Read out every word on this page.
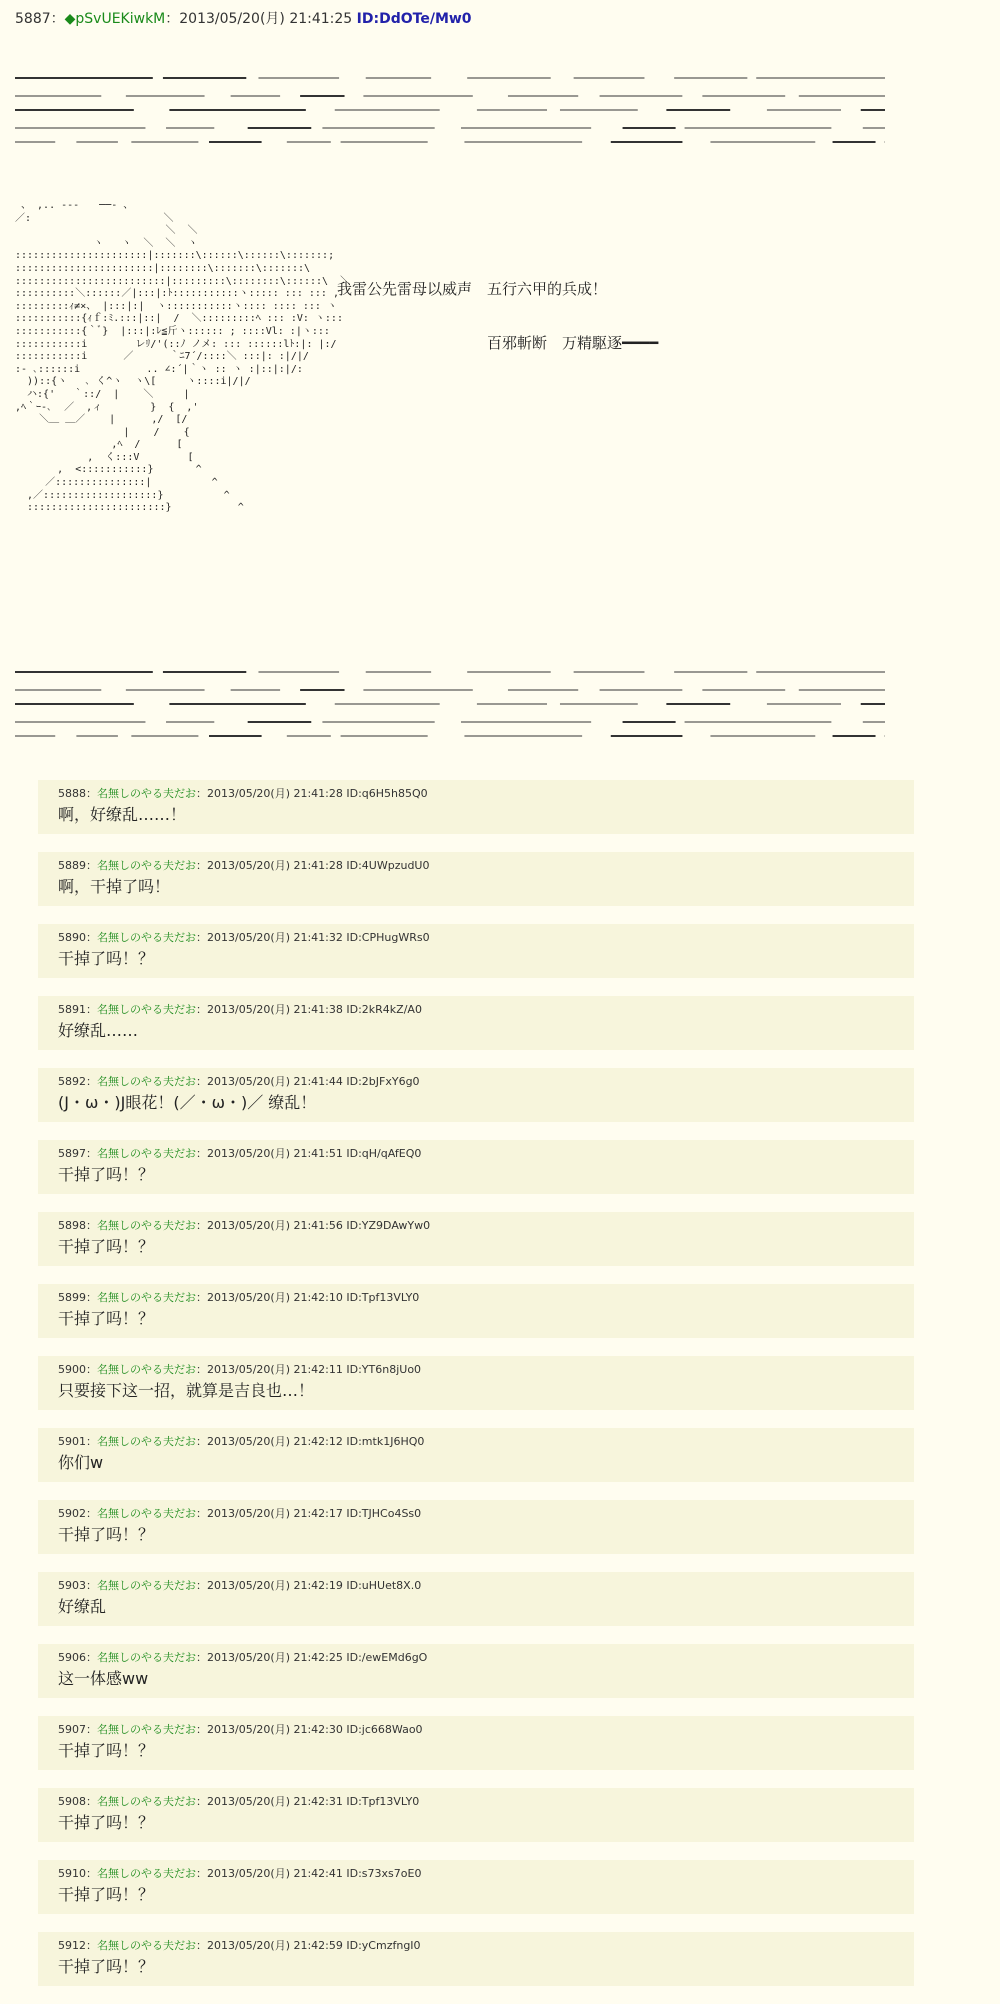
5887：◆pSvUEKiwkM：2013/05/20(月) 21:41:25 ID:DdOTe/Mw0
、 ,.. ‐--　　──- 、
／:                      ＼
＼  ＼
ヽ   ヽ  ＼  ＼  ヽ
::::::::::::::::::::::|:::::::\::::::\::::::\:::::::;
:::::::::::::::::::::::|::::::::\:::::::\:::::::\
:::::::::::::::::::::::::|:::::::::\::::::::\::::::\  ＼
::::::::::＼::::::／|:::|:ﾄ:::::::::::ヽ::::: ::: ::: ,
:::::::::ｨ≠×、 |:::|:|  ヽ:::::::::::ヽ:::: :::: ::: ヽ
:::::::::::{ｨｆ:ﾐ.:::|::|  /  ＼:::::::::ﾍ ::: :V: ヽ:::
:::::::::::{｀ﾞ}  |:::|:ﾚ≦斤ヽ:::::: ; ::::Vl: :|ヽ:::
:::::::::::i        レﾘ/'(::ﾉ ノメ: ::: ::::::lﾄ:|: |:/
:::::::::::i      ／      ｀ﾆ7´/::::＼ :::|: :|/|/
:- ､::::::i           .. ∠:´|｀ヽ :: ヽ :|::|:|/:
))::{ヽ   ､ く^ヽ  ヽ\[     ヽ::::i|/|/
ハ:{'   ｀::/  |    ＼     |
,ﾍ｀ｰ-､  ／  ,ィ        }  {  ,'
＼＿ ＿／    |      ,/  [/
|    /    {
,ﾍ  /      [
,  く:::V        [
,  <:::::::::::}       ^
／:::::::::::::::|          ^
,／:::::::::::::::::::}          ^
:::::::::::::::::::::::}           ^
我雷公先雷母以威声　五行六甲的兵成！
百邪斬断　万精駆逐━━━━
5888：名無しのやる夫だお：2013/05/20(月) 21:41:28 ID:q6H5h85Q0
啊，好缭乱……！
5889：名無しのやる夫だお：2013/05/20(月) 21:41:28 ID:4UWpzudU0
啊，干掉了吗！
5890：名無しのやる夫だお：2013/05/20(月) 21:41:32 ID:CPHugWRs0
干掉了吗！？
5891：名無しのやる夫だお：2013/05/20(月) 21:41:38 ID:2kR4kZ/A0
好缭乱……
5892：名無しのやる夫だお：2013/05/20(月) 21:41:44 ID:2bJFxY6g0
(J・ω・)J眼花！(／・ω・)／ 缭乱！
5897：名無しのやる夫だお：2013/05/20(月) 21:41:51 ID:qH/qAfEQ0
干掉了吗！？
5898：名無しのやる夫だお：2013/05/20(月) 21:41:56 ID:YZ9DAwYw0
干掉了吗！？
5899：名無しのやる夫だお：2013/05/20(月) 21:42:10 ID:Tpf13VLY0
干掉了吗！？
5900：名無しのやる夫だお：2013/05/20(月) 21:42:11 ID:YT6n8jUo0
只要接下这一招，就算是吉良也…！
5901：名無しのやる夫だお：2013/05/20(月) 21:42:12 ID:mtk1J6HQ0
你们w
5902：名無しのやる夫だお：2013/05/20(月) 21:42:17 ID:TJHCo4Ss0
干掉了吗！？
5903：名無しのやる夫だお：2013/05/20(月) 21:42:19 ID:uHUet8X.0
好缭乱
5906：名無しのやる夫だお：2013/05/20(月) 21:42:25 ID:/ewEMd6gO
这一体感ww
5907：名無しのやる夫だお：2013/05/20(月) 21:42:30 ID:jc668Wao0
干掉了吗！？
5908：名無しのやる夫だお：2013/05/20(月) 21:42:31 ID:Tpf13VLY0
干掉了吗！？
5910：名無しのやる夫だお：2013/05/20(月) 21:42:41 ID:s73xs7oE0
干掉了吗！？
5912：名無しのやる夫だお：2013/05/20(月) 21:42:59 ID:yCmzfngI0
干掉了吗！？
